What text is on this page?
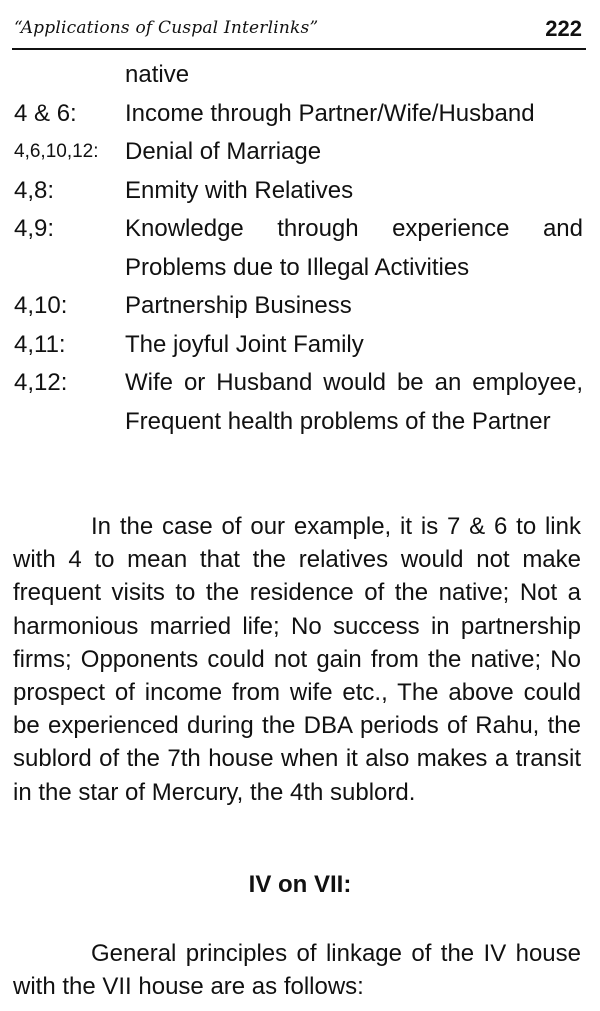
“Applications of Cuspal Interlinks”	222
native
4 & 6: Income through Partner/Wife/Husband
4,6,10,12: Denial of Marriage
4,8:	Enmity with Relatives
4,9:	Knowledge through experience and Problems due to Illegal Activities
4,10: Partnership Business
4,11: The joyful Joint Family
4,12: Wife or Husband would be an employee, Frequent health problems of the Partner

In the case of our example, it is 7 & 6 to link with 4 to mean that the relatives would not make frequent visits to the residence of the native; Not a harmonious married life; No success in partnership firms; Opponents could not gain from the native; No prospect of income from wife etc., The above could be experienced during the DBA periods of Rahu, the sublord of the 7th house when it also makes a transit in the star of Mercury, the 4th sublord.

IV on VII:

General principles of linkage of the IV house with the VII house are as follows:
